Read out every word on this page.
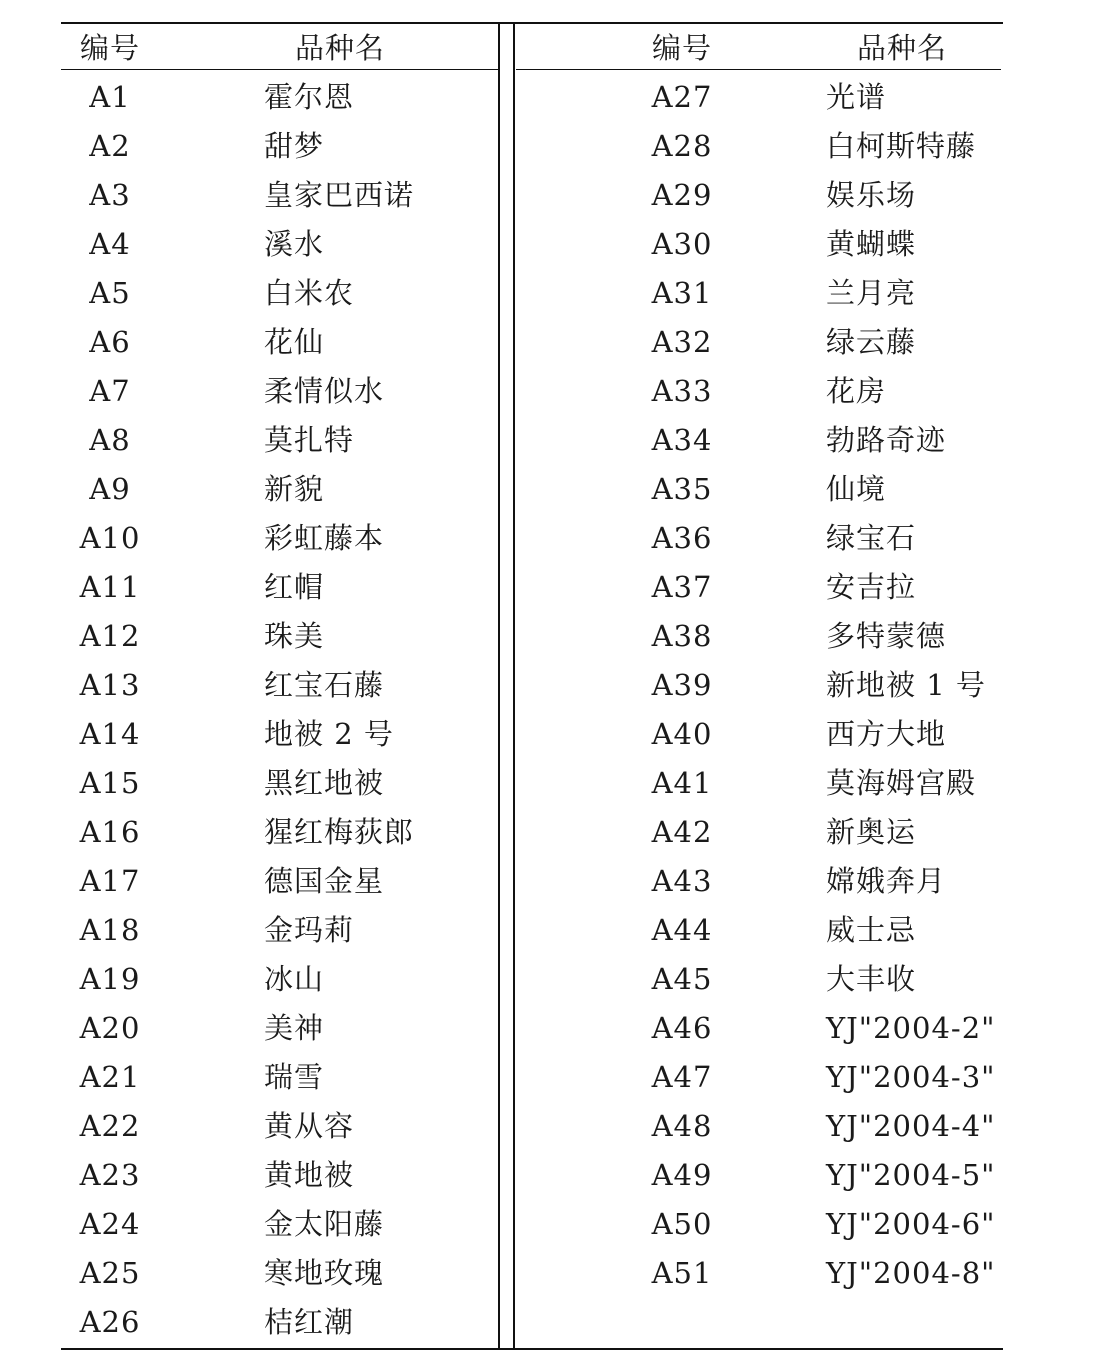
编号	品种名	编号	品种名
A1	霍尔恩
A2	甜梦
A3	皇家巴西诺
A4	溪水
A5	白米农
A6	花仙
A7	柔情似水
A8	莫扎特
A9	新貌
A10	彩虹藤本
A11	红帽
A12	珠美
A13	红宝石藤
A14	地被 2 号
A15	黑红地被
A16	猩红梅荻郎
A17	德国金星
A18	金玛莉
A19	冰山
A20	美神
A21	瑞雪
A22	黄从容
A23	黄地被
A24	金太阳藤
A25	寒地玫瑰
A26	桔红潮
A27	光谱
A28	白柯斯特藤
A29	娱乐场
A30	黄蝴蝶
A31	兰月亮
A32	绿云藤
A33	花房
A34	勃路奇迹
A35	仙境
A36	绿宝石
A37	安吉拉
A38	多特蒙德
A39	新地被 1 号
A40	西方大地
A41	莫海姆宫殿
A42	新奥运
A43	嫦娥奔月
A44	威士忌
A45	大丰收
A46	YJ"2004-2"
A47	YJ"2004-3"
A48	YJ"2004-4"
A49	YJ"2004-5"
A50	YJ"2004-6"
A51	YJ"2004-8"
